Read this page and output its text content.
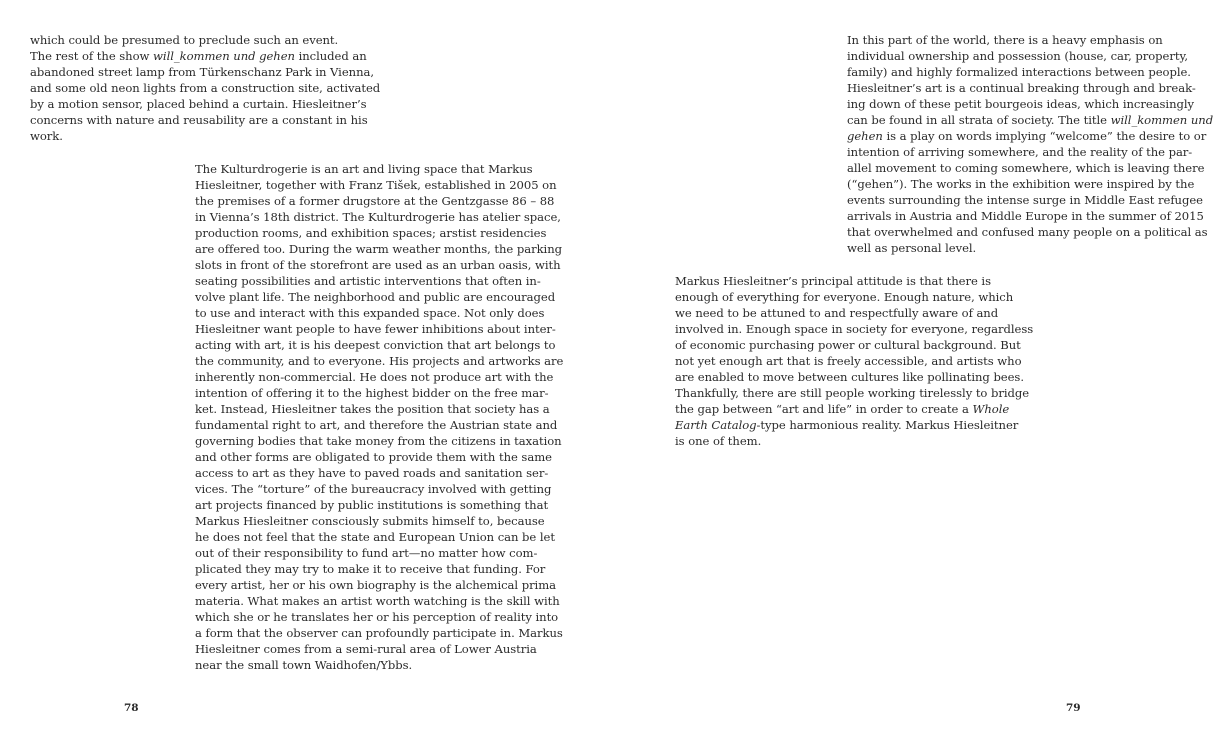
which could be presumed to preclude such an event.
The rest of the show will_kommen und gehen included an
abandoned street lamp from Türkenschanz Park in Vienna,
and some old neon lights from a construction site, activated
by a motion sensor, placed behind a curtain. Hiesleitner’s
concerns with nature and reusability are a constant in his
work.
The Kulturdrogerie is an art and living space that Markus
Hiesleitner, together with Franz Tišek, established in 2005 on
the premises of a former drugstore at the Gentzgasse 86 – 88
in Vienna’s 18th district. The Kulturdrogerie has atelier space,
production rooms, and exhibition spaces; arstist residencies
are offered too. During the warm weather months, the parking
slots in front of the storefront are used as an urban oasis, with
seating possibilities and artistic interventions that often in-
volve plant life. The neighborhood and public are encouraged
to use and interact with this expanded space. Not only does
Hiesleitner want people to have fewer inhibitions about inter-
acting with art, it is his deepest conviction that art belongs to
the community, and to everyone. His projects and artworks are
inherently non-commercial. He does not produce art with the
intention of offering it to the highest bidder on the free mar-
ket. Instead, Hiesleitner takes the position that society has a
fundamental right to art, and therefore the Austrian state and
governing bodies that take money from the citizens in taxation
and other forms are obligated to provide them with the same
access to art as they have to paved roads and sanitation ser-
vices. The “torture” of the bureaucracy involved with getting
art projects financed by public institutions is something that
Markus Hiesleitner consciously submits himself to, because
he does not feel that the state and European Union can be let
out of their responsibility to fund art—no matter how com-
plicated they may try to make it to receive that funding. For
every artist, her or his own biography is the alchemical prima
materia. What makes an artist worth watching is the skill with
which she or he translates her or his perception of reality into
a form that the observer can profoundly participate in. Markus
Hiesleitner comes from a semi-rural area of Lower Austria
near the small town Waidhofen/Ybbs.
78
In this part of the world, there is a heavy emphasis on
individual ownership and possession (house, car, property,
family) and highly formalized interactions between people.
Hiesleitner’s art is a continual breaking through and break-
ing down of these petit bourgeois ideas, which increasingly
can be found in all strata of society. The title will_kommen und
gehen is a play on words implying “welcome” the desire to or
intention of arriving somewhere, and the reality of the par-
allel movement to coming somewhere, which is leaving there
(“gehen”). The works in the exhibition were inspired by the
events surrounding the intense surge in Middle East refugee
arrivals in Austria and Middle Europe in the summer of 2015
that overwhelmed and confused many people on a political as
well as personal level.
Markus Hiesleitner’s principal attitude is that there is
enough of everything for everyone. Enough nature, which
we need to be attuned to and respectfully aware of and
involved in. Enough space in society for everyone, regardless
of economic purchasing power or cultural background. But
not yet enough art that is freely accessible, and artists who
are enabled to move between cultures like pollinating bees.
Thankfully, there are still people working tirelessly to bridge
the gap between “art and life” in order to create a Whole
Earth Catalog-type harmonious reality. Markus Hiesleitner
is one of them.
79
